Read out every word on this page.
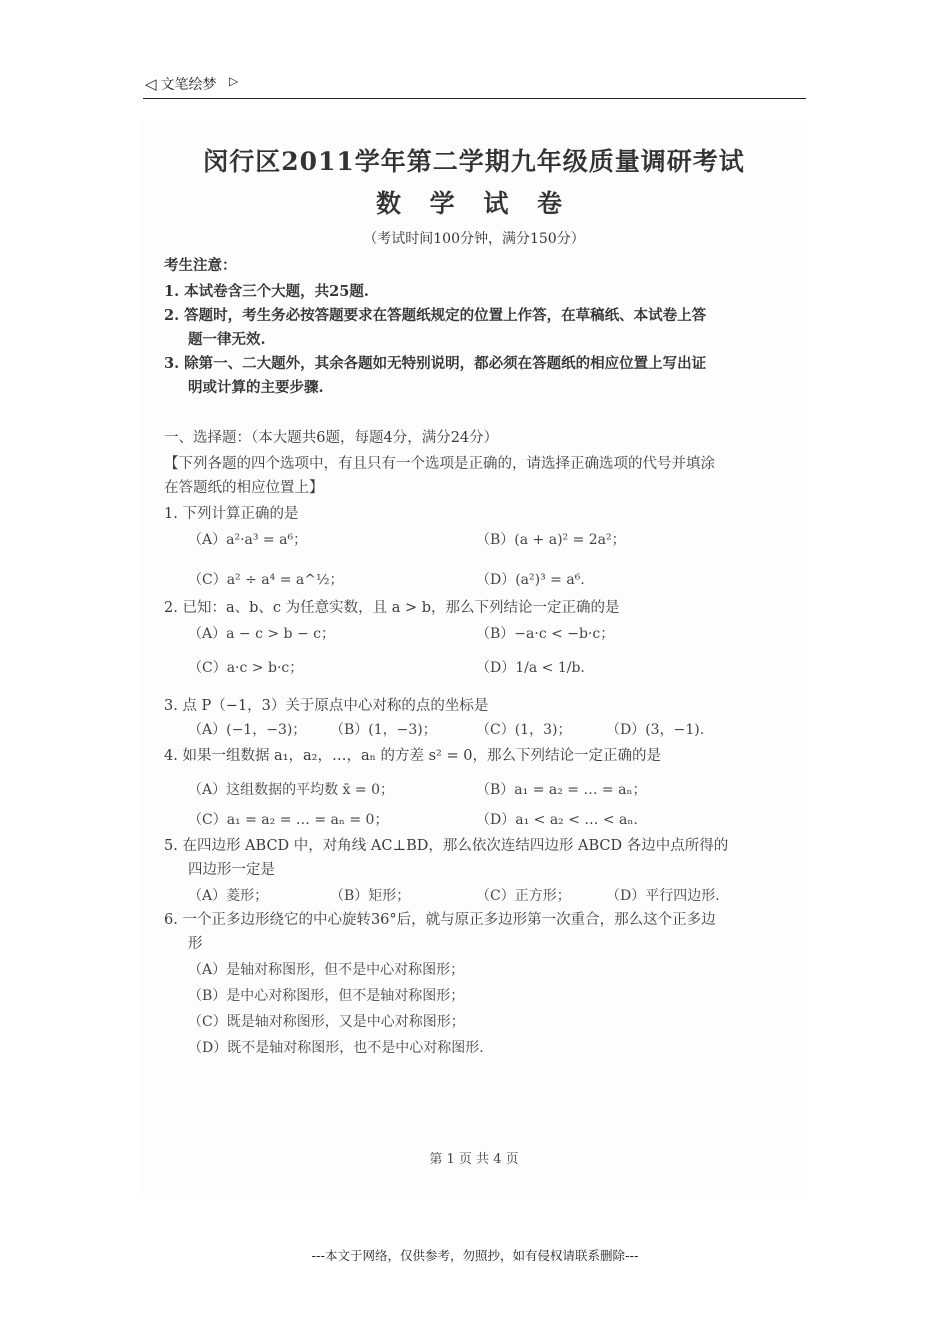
◁ 文笔绘梦 ▷
闵行区2011学年第二学期九年级质量调研考试
数 学 试 卷
（考试时间100分钟，满分150分）
考生注意：
1. 本试卷含三个大题，共25题.
2. 答题时，考生务必按答题要求在答题纸规定的位置上作答，在草稿纸、本试卷上答
题一律无效.
3. 除第一、二大题外，其余各题如无特别说明，都必须在答题纸的相应位置上写出证
明或计算的主要步骤.
一、选择题：（本大题共6题，每题4分，满分24分）
【下列各题的四个选项中，有且只有一个选项是正确的，请选择正确选项的代号并填涂
在答题纸的相应位置上】
1. 下列计算正确的是
（A）a²·a³ = a⁶；	（B）(a + a)² = 2a²；
（C）a² ÷ a⁴ = a^½；	（D）(a²)³ = a⁶.
2. 已知：a、b、c 为任意实数，且 a > b，那么下列结论一定正确的是
（A）a − c > b − c；	（B）−a·c < −b·c；
（C）a·c > b·c；	（D）1/a < 1/b.
3. 点 P（−1，3）关于原点中心对称的点的坐标是
（A）(−1，−3)； （B）(1，−3)；	（C）(1，3)； （D）(3，−1).
4. 如果一组数据 a₁，a₂，…，aₙ 的方差 s² = 0，那么下列结论一定正确的是
（A）这组数据的平均数 x̄ = 0；	（B）a₁ = a₂ = … = aₙ；
（C）a₁ = a₂ = … = aₙ = 0；	（D）a₁ < a₂ < … < aₙ.
5. 在四边形 ABCD 中，对角线 AC⊥BD，那么依次连结四边形 ABCD 各边中点所得的
四边形一定是
（A）菱形；	（B）矩形；	（C）正方形；	（D）平行四边形.
6. 一个正多边形绕它的中心旋转36°后，就与原正多边形第一次重合，那么这个正多边
形
（A）是轴对称图形，但不是中心对称图形；
（B）是中心对称图形，但不是轴对称图形；
（C）既是轴对称图形，又是中心对称图形；
（D）既不是轴对称图形，也不是中心对称图形.
第 1 页 共 4 页
---本文于网络，仅供参考，勿照抄，如有侵权请联系删除---
